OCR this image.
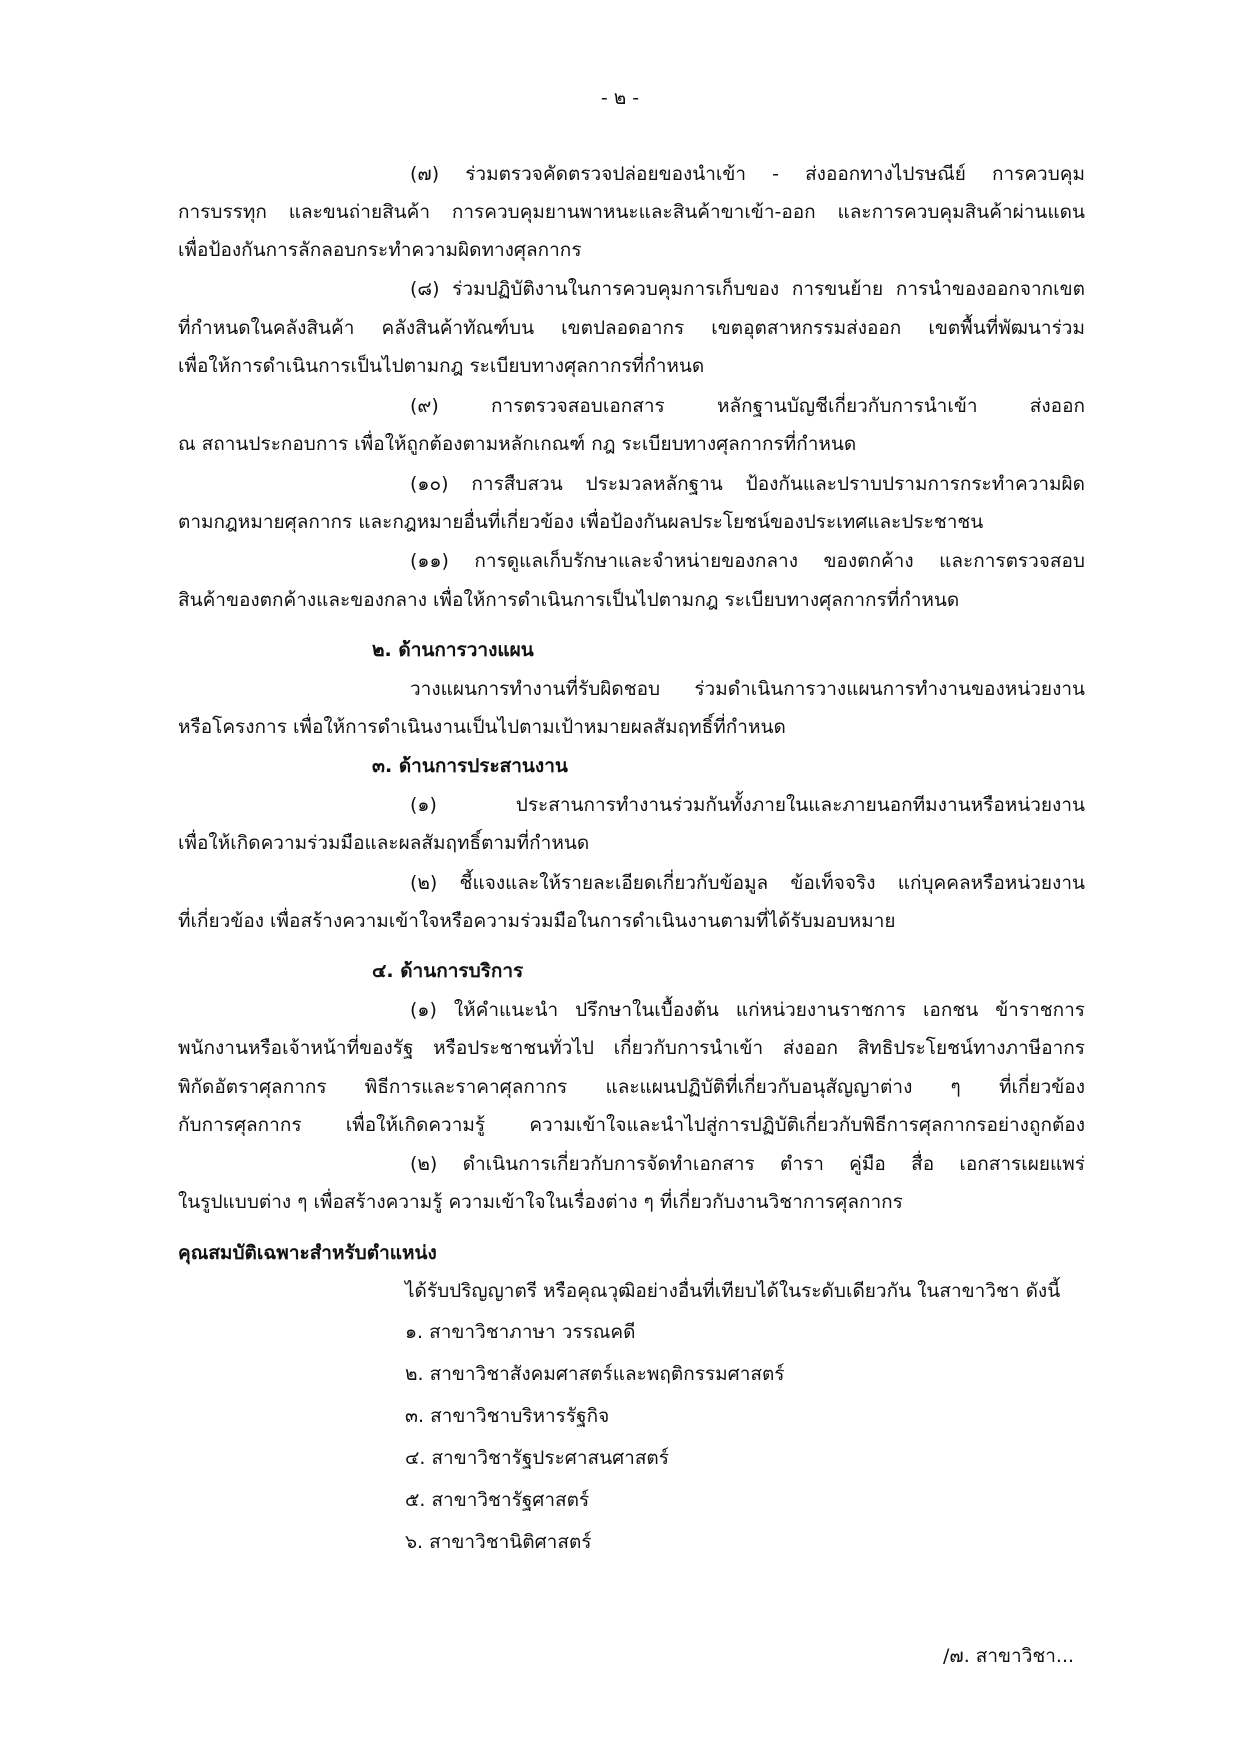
- ๒ -
(๗) ร่วมตรวจคัดตรวจปล่อยของนำเข้า - ส่งออกทางไปรษณีย์ การควบคุม
การบรรทุก และขนถ่ายสินค้า การควบคุมยานพาหนะและสินค้าขาเข้า-ออก และการควบคุมสินค้าผ่านแดน
เพื่อป้องกันการลักลอบกระทำความผิดทางศุลกากร
(๘) ร่วมปฏิบัติงานในการควบคุมการเก็บของ การขนย้าย การนำของออกจากเขต
ที่กำหนดในคลังสินค้า คลังสินค้าทัณฑ์บน เขตปลอดอากร เขตอุตสาหกรรมส่งออก เขตพื้นที่พัฒนาร่วม
เพื่อให้การดำเนินการเป็นไปตามกฎ ระเบียบทางศุลกากรที่กำหนด
(๙) การตรวจสอบเอกสาร หลักฐานบัญชีเกี่ยวกับการนำเข้า ส่งออก
ณ สถานประกอบการ เพื่อให้ถูกต้องตามหลักเกณฑ์ กฎ ระเบียบทางศุลกากรที่กำหนด
(๑๐) การสืบสวน ประมวลหลักฐาน ป้องกันและปราบปรามการกระทำความผิด
ตามกฎหมายศุลกากร และกฎหมายอื่นที่เกี่ยวข้อง เพื่อป้องกันผลประโยชน์ของประเทศและประชาชน
(๑๑) การดูแลเก็บรักษาและจำหน่ายของกลาง ของตกค้าง และการตรวจสอบ
สินค้าของตกค้างและของกลาง เพื่อให้การดำเนินการเป็นไปตามกฎ ระเบียบทางศุลกากรที่กำหนด
๒. ด้านการวางแผน
วางแผนการทำงานที่รับผิดชอบ ร่วมดำเนินการวางแผนการทำงานของหน่วยงาน
หรือโครงการ เพื่อให้การดำเนินงานเป็นไปตามเป้าหมายผลสัมฤทธิ์ที่กำหนด
๓. ด้านการประสานงาน
(๑) ประสานการทำงานร่วมกันทั้งภายในและภายนอกทีมงานหรือหน่วยงาน
เพื่อให้เกิดความร่วมมือและผลสัมฤทธิ์ตามที่กำหนด
(๒) ชี้แจงและให้รายละเอียดเกี่ยวกับข้อมูล ข้อเท็จจริง แก่บุคคลหรือหน่วยงาน
ที่เกี่ยวข้อง เพื่อสร้างความเข้าใจหรือความร่วมมือในการดำเนินงานตามที่ได้รับมอบหมาย
๔. ด้านการบริการ
(๑) ให้คำแนะนำ ปรึกษาในเบื้องต้น แก่หน่วยงานราชการ เอกชน ข้าราชการ
พนักงานหรือเจ้าหน้าที่ของรัฐ หรือประชาชนทั่วไป เกี่ยวกับการนำเข้า ส่งออก สิทธิประโยชน์ทางภาษีอากร
พิกัดอัตราศุลกากร พิธีการและราคาศุลกากร และแผนปฏิบัติที่เกี่ยวกับอนุสัญญาต่าง ๆ ที่เกี่ยวข้อง
กับการศุลกากร เพื่อให้เกิดความรู้ ความเข้าใจและนำไปสู่การปฏิบัติเกี่ยวกับพิธีการศุลกากรอย่างถูกต้อง
(๒) ดำเนินการเกี่ยวกับการจัดทำเอกสาร ตำรา คู่มือ สื่อ เอกสารเผยแพร่
ในรูปแบบต่าง ๆ เพื่อสร้างความรู้ ความเข้าใจในเรื่องต่าง ๆ ที่เกี่ยวกับงานวิชาการศุลกากร
คุณสมบัติเฉพาะสำหรับตำแหน่ง
ได้รับปริญญาตรี หรือคุณวุฒิอย่างอื่นที่เทียบได้ในระดับเดียวกัน ในสาขาวิชา ดังนี้
๑. สาขาวิชาภาษา วรรณคดี
๒. สาขาวิชาสังคมศาสตร์และพฤติกรรมศาสตร์
๓. สาขาวิชาบริหารรัฐกิจ
๔. สาขาวิชารัฐประศาสนศาสตร์
๕. สาขาวิชารัฐศาสตร์
๖. สาขาวิชานิติศาสตร์
/๗. สาขาวิชา...
